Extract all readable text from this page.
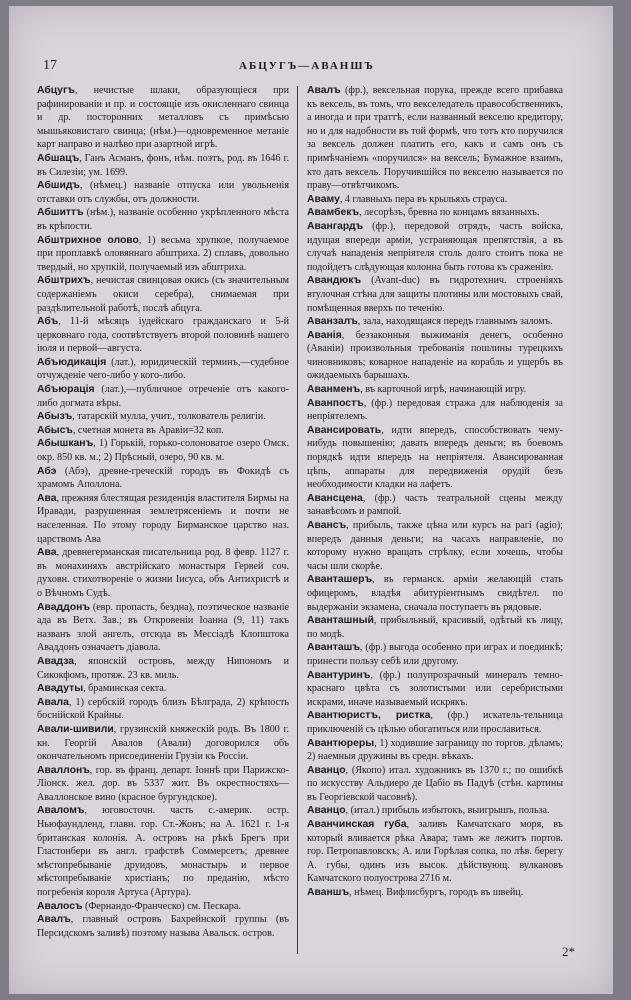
17	АБЦУГЪ—АВАНШЪ
Абцугъ, нечистые шлаки, образующіеся при рафинированіи и пр. и состоящіе изъ окисленнаго свинца и др. посторонних металловъ съ примѣсью мышьяковистаго свинца; (нѣм.)—одновременное метаніе карт направо и налѣво при азартной игрѣ.
Абшацъ, Ганъ Асманъ, фонъ, нѣм. поэтъ, род. въ 1646 г. въ Силезіи; ум. 1699.
Абшидъ, (нѣмец.) названіе отпуска или увольненія отставки отъ службы, отъ должности.
Абшиттъ (нѣм.), названіе особенно укрѣпленного мѣста въ крѣпости.
Абштрихное олово, 1) весьма хрупкое, получаемое при проплавкѣ оловяннаго абштриха. 2) сплавъ, довольно твердый, но хрупкій, получаемый изъ абштриха.
Абштрихъ, нечистая свинцовая окись (съ значительным содержаніемъ окиси серебра), снимаемая при раздѣлительной работѣ, послѣ абцуга.
Абъ, 11-й мѣсяцъ іудейскаго гражданскаго и 5-й церковнаго года, соотвѣтствуетъ второй половинѣ нашего іюля и первой—августа.
Абъюдикація (лат.), юридическій терминъ,—судебное отчужденіе чего-либо у кого-либо.
Абъюрація (лат.),—публичное отреченіе отъ какого-либо догмата вѣры.
Абызъ, татарскій мулла, учит., толкователь религіи.
Абысъ, счетная монета въ Аравіи=32 коп.
Абышканъ, 1) Горькій, горько-солоноватое озеро Омск. окр. 850 кв. м.; 2) Прѣсный, озеро, 90 кв. м.
Абэ (Абэ), древне-греческій городъ въ Фокидѣ съ храмомъ Аполлона.
Ава, прежняя блестящая резиденція властителя Бирмы на Иравади, разрушенная землетрясеніемъ и почти не населенная. По этому городу Бирманское царство наз. царствомъ Ава
Ава, древнегерманская писательница род. 8 февр. 1127 г. въ монахиняхъ австрійскаго монастыря Гервей соч. духовн. стихотвореніе о жизни Іисуса, объ Антихристѣ и о Вѣчномъ Судѣ.
Аваддонъ (евр. пропасть, бездна), поэтическое названіе ада въ Ветх. Зав.; въ Откровеніи Іоанна (9, 11) такъ названъ злой ангелъ, отсюда въ Мессіадѣ Клопштока Аваддонъ означаетъ діавола.
Авадза, японскій островъ, между Нипономъ и Сикокфомъ, протяж. 23 кв. миль.
Авадуты, браминская секта.
Авала, 1) сербскій городъ близъ Бѣлграда, 2) крѣпость боснійской Крайны.
Авали-шивили, грузинскій княжескій родъ. Въ 1800 г. кн. Георгій Авалов (Авали) договорился объ окончательномъ присоединеніи Грузіи къ Россіи.
Аваллонъ, гор. въ франц. департ. Іоннѣ при Парижско-Ліонск. жел. дор. въ 5337 жит. Въ окрестностяхъ—Аваллонское вино (красное бургундское).
Аваломъ, юговосточн. часть с.-америк. остр. Ньюфаундленд, главн. гор. Ст.-Жонъ; на А. 1621 г. 1-я британская колонія. А. островъ на рѣкѣ Брегъ при Гластонбери въ англ. графствѣ Соммерсетъ; древнее мѣстопребываніе друидовъ, монастырь и первое мѣстопребываніе христіанъ; по преданію, мѣсто погребенія короля Артуса (Артура).
Авалосъ (Фернандо-Франческо) см. Пескара.
Авалъ, главный островъ Бахрейнской группы (въ Персидскомъ заливѣ) поэтому называ Авальск. остров.
Авалъ (фр.), вексельная порука, прежде всего прибавка къ вексель, въ томъ, что векселедатель правособственникъ, а иногда и при траттѣ, если названный векселю кредитору, но и для надобности въ той формѣ, что тотъ кто поручился за вексель должен платить его, какъ и самъ онъ съ примѣчаніемъ «поручился» на вексель; Бумажное взаимъ, кто дать вексель. Поручившійся по векселю называется по праву—отвѣтчикомъ.
Аваму, 4 главныхъ пера въ крыльяхъ страуса.
Авамбекъ, лесорѣзъ, бревна по концамъ вязанныхъ.
Авангардъ (фр.), передовой отрядъ, часть войска, идущая впереди арміи, устраняющая препятствія, а въ случаѣ нападенія непріятеля столь долго стоитъ пока не подойдетъ слѣдующая колонна быть готова къ сраженію.
Авандюкъ (Avant-duc) въ гидротехнич. строеніяхъ втулочная стѣна для защиты плотины или мостовыхъ свай, помѣщенная вверхъ по теченію.
Аванзалъ, зала, находящаяся передъ главнымъ заломъ.
Аванія, беззаконныя выжиманія денегъ, особенно (Аваніи) произвольныя требованія пошлины турецкихъ чиновниковъ; коварное нападеніе на корабль и ущербъ въ ожидаемыхъ барышахъ.
Аванменъ, въ карточной игрѣ, начинающій игру.
Аванпостъ, (фр.) передовая стража для наблюденія за непріятелемъ.
Авансировать, идти впередъ, способствовать чему-нибудь повышенію; давать впередъ деньги; въ боевомъ порядкѣ идти впередъ на непріятеля. Авансированная цѣпь, аппараты для передвиженія орудій безъ необходимости кладки на лафетъ.
Авансцена, (фр.) часть театральной сцены между занавѣсомъ и рампой.
Авансъ, прибыль, также цѣна или курсъ на рагі (agio); впередъ данныя деньги; на часахъ направленіе, по которому нужно вращать стрѣлку, если хочешь, чтобы часы шли скорѣе.
Аванташеръ, въ германск. арміи желающій стать офицеромъ, владѣя абитуріентнымъ свидѣтел. по выдержаніи экзамена, сначала поступаетъ въ рядовые.
Аванташный, прибыльный, красивый, одѣтый къ лицу, по модѣ.
Аванташъ, (фр.) выгода особенно при играх и поединкѣ; принести пользу себѣ или другому.
Авантуринъ, (фр.) полупрозрачный минералъ темно-краснаго цвѣта съ золотистыми или серебристыми искрами, иначе называемый искрякъ.
Авантюристъ, ристка, (фр.) искатель-тельница приключеній съ цѣлью обогатиться или прославиться.
Авантюреры, 1) ходившие заграницу по торгов. дѣламъ; 2) наемныя дружины въ средн. вѣкахъ.
Аванцо, (Якопо) итал. художникъ въ 1370 г.; по ошибкѣ по искусству Альдиеро де Цабіо въ Падуѣ (стѣн. картины въ Георгіевской часовнѣ).
Аванцо, (итал.) прибыль избытокъ, выигрышъ, польза.
Аванчинская губа, заливъ Камчатскаго моря, въ который вливается рѣка Авара; тамъ же лежитъ портов. гор. Петропавловскъ; А. или Горѣлая сопка, по лѣв. берегу А. губы, одинъ изъ высок. дѣйствующ. вулкановъ Камчатского полуострова 2716 м.
Аваншъ, нѣмец. Вифлисбургъ, городъ въ швейц.
2*
